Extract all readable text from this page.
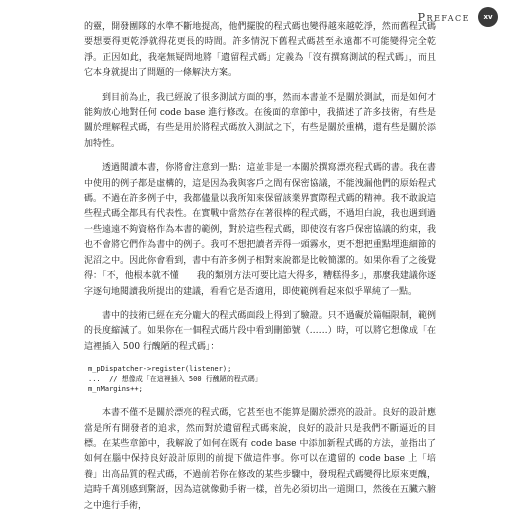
Preface	xv

的靈，開發團隊的水準不斷地提高，他們擺脫的程式碼也變得越來越乾淨，然而舊程式碼要想要得更乾淨就得花更長的時間。許多情況下舊程式碼甚至永遠都不可能變得完全乾淨。正因如此，我毫無疑問地將「遺留程式碼」定義為「沒有撰寫測試的程式碼」，而且它本身就提出了問題的一條解決方案。

到目前為止，我已經說了很多測試方面的事，然而本書並不是關於測試，而是如何才能夠放心地對任何 code base 進行修改。在後面的章節中，我描述了許多技術，有些是關於理解程式碼，有些是用於將程式碼放入測試之下，有些是關於重構，還有些是關於添加特性。

透過閱讀本書，你將會注意到一點：這並非是一本關於撰寫漂亮程式碼的書。我在書中使用的例子都是虛構的，這是因為我與客戶之間有保密協議，不能洩漏他們的原始程式碼。不過在許多例子中，我都儘量以我所知來保留該業界實際程式碼的精神。我不敢說這些程式碼全都具有代表性。在實戰中當然存在著很棒的程式碼，不過坦白說，我也遇到過一些遠遠不夠資格作為本書的範例，對於這些程式碼，即使沒有客戶保密協議的約束，我也不會將它們作為書中的例子。我可不想把讀者弄得一頭霧水，更不想把重點埋進細節的泥沼之中。因此你會看到，書中有許多例子相對來說都是比較簡潔的。如果你看了之後覺得：「不，他根本就不懂　　我的類別方法可要比這大得多，糟糕得多」，那麼我建議你逐字逐句地閱讀我所提出的建議，看看它是否適用，即使範例看起來似乎單純了一點。

書中的技術已經在充分龐大的程式碼面段上得到了驗證。只不過礙於篇幅限制，範例的長度縮減了。如果你在一個程式碼片段中看到刪節號（……）時，可以將它想像成「在這裡插入 500 行醜陋的程式碼」：

m_pDispatcher->register(listener);
...  // 想像成「在這裡插入 500 行醜陋的程式碼」
m_nMargins++;

本書不僅不是關於漂亮的程式碼，它甚至也不能算是關於漂亮的設計。良好的設計應當是所有開發者的追求，然而對於遺留程式碼來說，良好的設計只是我們不斷逼近的目標。在某些章節中，我解說了如何在既有 code base 中添加新程式碼的方法，並指出了如何在腦中保持良好設計原則的前提下做這件事。你可以在遺留的 code base 上「培養」出高品質的程式碼，不過前若你在修改的某些步驟中，發現程式碼變得比原來更醜，這時千萬別感到驚訝，因為這就像動手術一樣，首先必須切出一道開口，然後在五臟六腑之中進行手術，
